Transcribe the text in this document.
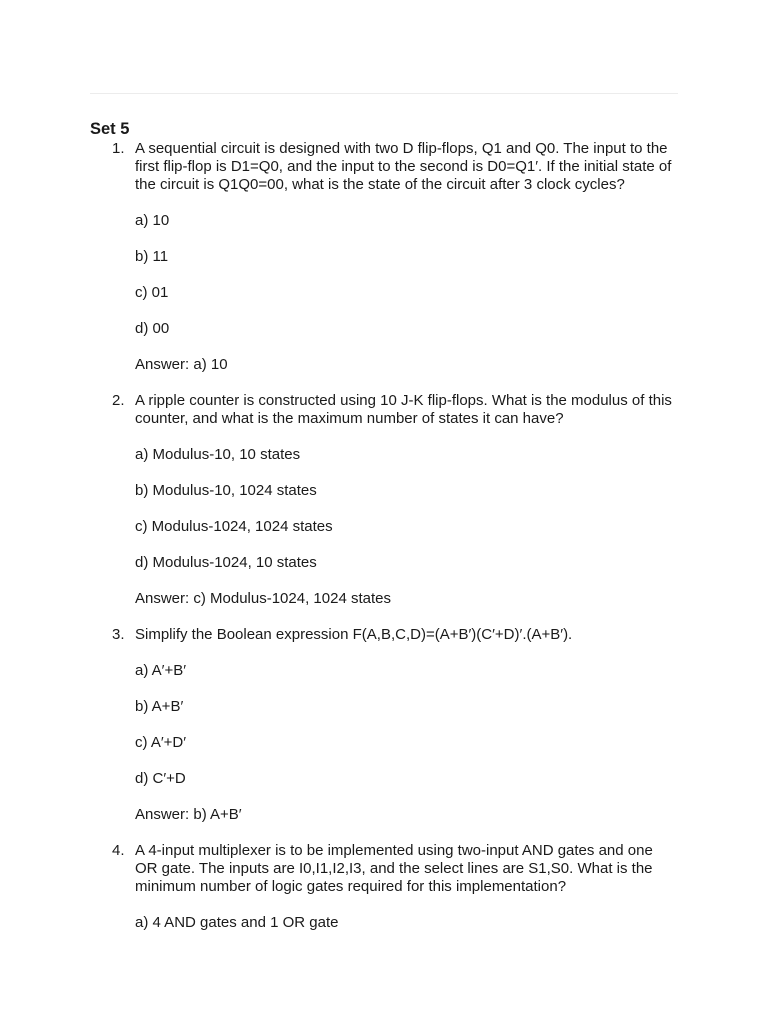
Set 5
1. A sequential circuit is designed with two D flip-flops, Q1 and Q0. The input to the first flip-flop is D1=Q0, and the input to the second is D0=Q1′. If the initial state of the circuit is Q1Q0=00, what is the state of the circuit after 3 clock cycles?

a) 10

b) 11

c) 01

d) 00

Answer: a) 10

2. A ripple counter is constructed using 10 J-K flip-flops. What is the modulus of this counter, and what is the maximum number of states it can have?

a) Modulus-10, 10 states

b) Modulus-10, 1024 states

c) Modulus-1024, 1024 states

d) Modulus-1024, 10 states

Answer: c) Modulus-1024, 1024 states

3. Simplify the Boolean expression F(A,B,C,D)=(A+B′)(C′+D)′.(A+B′).

a) A′+B′

b) A+B′

c) A′+D′

d) C′+D

Answer: b) A+B′

4. A 4-input multiplexer is to be implemented using two-input AND gates and one OR gate. The inputs are I0,I1,I2,I3, and the select lines are S1,S0. What is the minimum number of logic gates required for this implementation?

a) 4 AND gates and 1 OR gate
